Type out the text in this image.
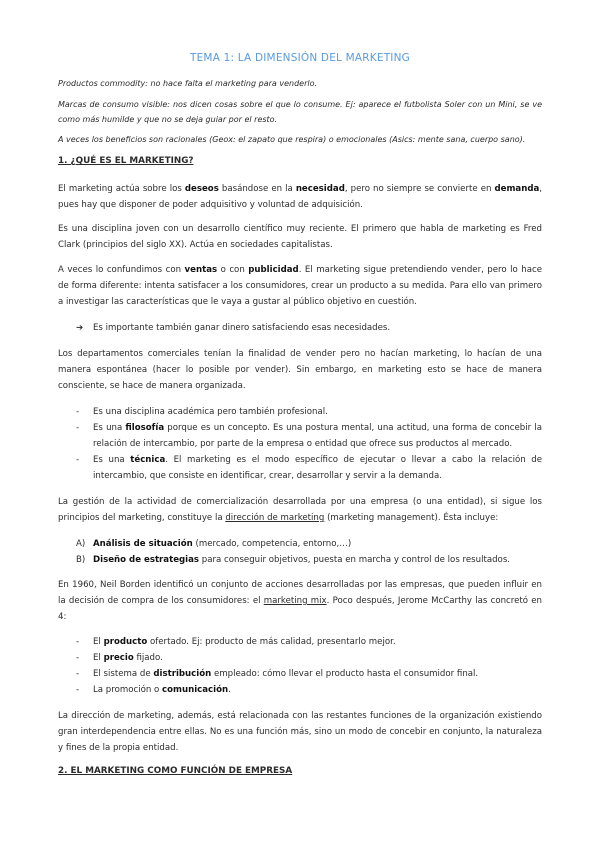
TEMA 1: LA DIMENSIÓN DEL MARKETING

Productos commodity: no hace falta el marketing para venderlo.

Marcas de consumo visible: nos dicen cosas sobre el que lo consume. Ej: aparece el futbolista Soler con un Mini, se ve como más humilde y que no se deja guiar por el resto.

A veces los beneficios son racionales (Geox: el zapato que respira) o emocionales (Asics: mente sana, cuerpo sano).

1. ¿QUÉ ES EL MARKETING?

El marketing actúa sobre los deseos basándose en la necesidad, pero no siempre se convierte en demanda, pues hay que disponer de poder adquisitivo y voluntad de adquisición.

Es una disciplina joven con un desarrollo científico muy reciente. El primero que habla de marketing es Fred Clark (principios del siglo XX). Actúa en sociedades capitalistas.

A veces lo confundimos con ventas o con publicidad. El marketing sigue pretendiendo vender, pero lo hace de forma diferente: intenta satisfacer a los consumidores, crear un producto a su medida. Para ello van primero a investigar las características que le vaya a gustar al público objetivo en cuestión.

➔ Es importante también ganar dinero satisfaciendo esas necesidades.

Los departamentos comerciales tenían la finalidad de vender pero no hacían marketing, lo hacían de una manera espontánea (hacer lo posible por vender). Sin embargo, en marketing esto se hace de manera consciente, se hace de manera organizada.

- Es una disciplina académica pero también profesional.

- Es una filosofía porque es un concepto. Es una postura mental, una actitud, una forma de concebir la relación de intercambio, por parte de la empresa o entidad que ofrece sus productos al mercado.

- Es una técnica. El marketing es el modo específico de ejecutar o llevar a cabo la relación de intercambio, que consiste en identificar, crear, desarrollar y servir a la demanda.

La gestión de la actividad de comercialización desarrollada por una empresa (o una entidad), si sigue los principios del marketing, constituye la dirección de marketing (marketing management). Ésta incluye:

A) Análisis de situación (mercado, competencia, entorno,…)

B) Diseño de estrategias para conseguir objetivos, puesta en marcha y control de los resultados.

En 1960, Neil Borden identificó un conjunto de acciones desarrolladas por las empresas, que pueden influir en la decisión de compra de los consumidores: el marketing mix. Poco después, Jerome McCarthy las concretó en 4:

- El producto ofertado. Ej: producto de más calidad, presentarlo mejor.

- El precio fijado.

- El sistema de distribución empleado: cómo llevar el producto hasta el consumidor final.

- La promoción o comunicación.

La dirección de marketing, además, está relacionada con las restantes funciones de la organización existiendo gran interdependencia entre ellas. No es una función más, sino un modo de concebir en conjunto, la naturaleza y fines de la propia entidad.

2. EL MARKETING COMO FUNCIÓN DE EMPRESA
